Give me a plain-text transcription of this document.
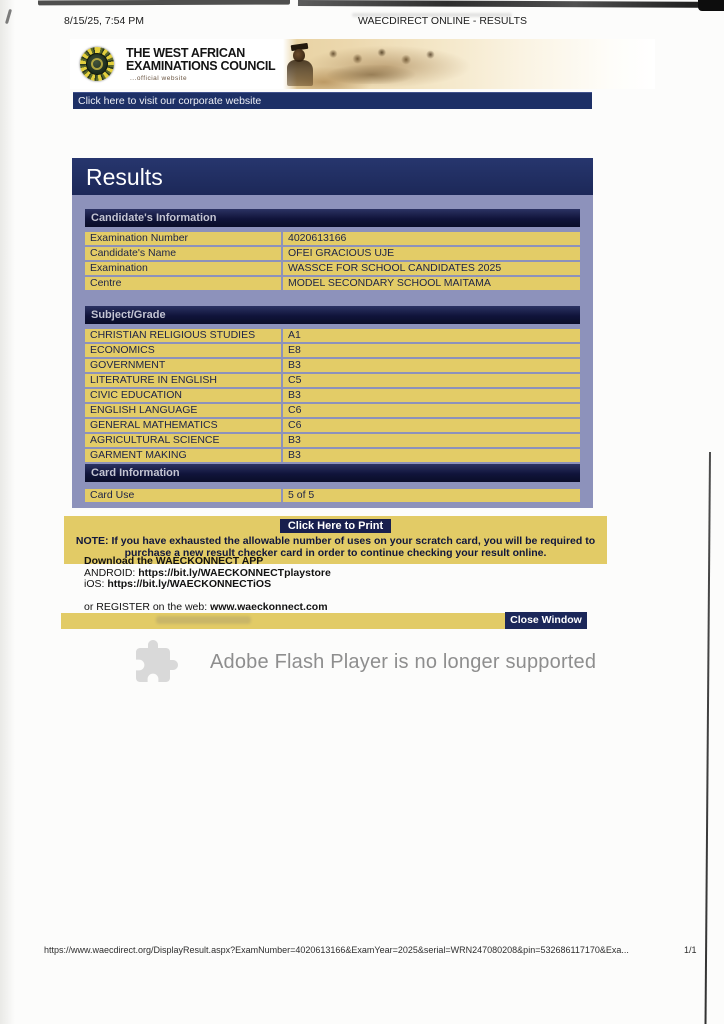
8/15/25, 7:54 PM	WAECDIRECT ONLINE - RESULTS
THE WEST AFRICAN
EXAMINATIONS COUNCIL
...official website
Click here to visit our corporate website
Results
Candidate's Information
Examination Number	4020613166
Candidate's Name	OFEI GRACIOUS UJE
Examination	WASSCE FOR SCHOOL CANDIDATES 2025
Centre	MODEL SECONDARY SCHOOL MAITAMA
Subject/Grade
CHRISTIAN RELIGIOUS STUDIES	A1
ECONOMICS	E8
GOVERNMENT	B3
LITERATURE IN ENGLISH	C5
CIVIC EDUCATION	B3
ENGLISH LANGUAGE	C6
GENERAL MATHEMATICS	C6
AGRICULTURAL SCIENCE	B3
GARMENT MAKING	B3
Card Information
Card Use	5 of 5
Click Here to Print
NOTE: If you have exhausted the allowable number of uses on your scratch card, you will be required to
purchase a new result checker card in order to continue checking your result online.
Download the WAECKONNECT APP
ANDROID: https://bit.ly/WAECKONNECTplaystore
iOS: https://bit.ly/WAECKONNECTiOS
or REGISTER on the web: www.waeckonnect.com
Close Window
Adobe Flash Player is no longer supported
https://www.waecdirect.org/DisplayResult.aspx?ExamNumber=4020613166&ExamYear=2025&serial=WRN247080208&pin=532686117170&Exa...	1/1
